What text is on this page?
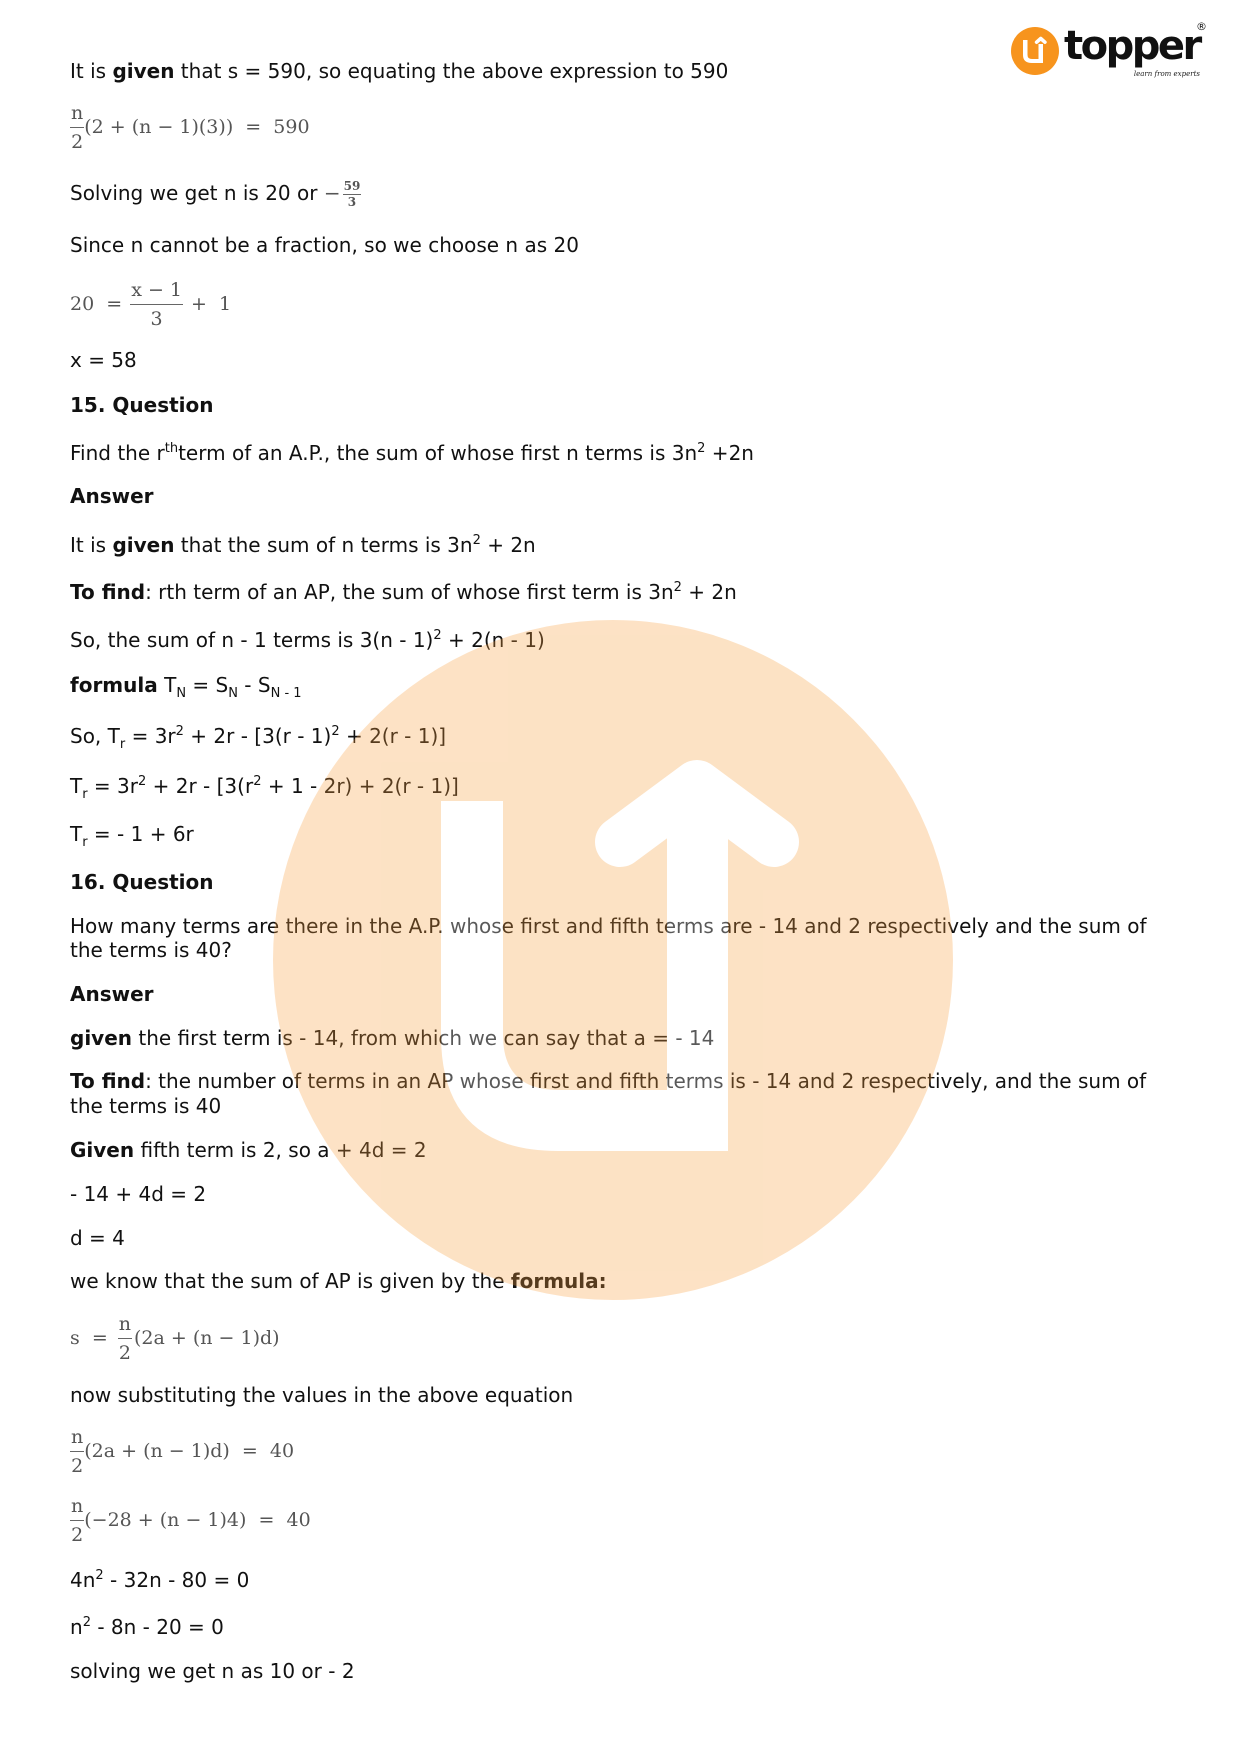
topper
®
learn from experts
It is given that s = 590, so equating the above expression to 590
$\frac{n}{2} (2 + (n - 1)(3)) = 590$
Solving we get n is 20 or − $\frac{59}{3}$
Since n cannot be a fraction, so we choose n as 20
$20 = \frac{x - 1}{3} + 1$
x = 58
15. Question
Find the $r^{th}term$ of an A.P., the sum of whose first n terms is $3n^2 +2n$
Answer
It is given that the sum of n terms is $3n^2 + 2n$
To find: rth term of an AP, the sum of whose first term is $3n^2 + 2n$
So, the sum of n - 1 terms is 3(n - 1)$^2$ + 2(n - 1)
formula $T_N = S_N - S_{N - 1}$
So, $T_r = 3r^2 + 2r - [3(r - 1)^2 + 2(r - 1)]$
$T_r = 3r^2 + 2r - [3(r^2 + 1 - 2r) + 2(r - 1)]$
$T_r$ = - 1 + 6r
16. Question
How many terms are there in the A.P. whose first and fifth terms are - 14 and 2 respectively and the sum of
the terms is 40?
Answer
given the first term is - 14, from which we can say that a = - 14
To find: the number of terms in an AP whose first and fifth terms is - 14 and 2 respectively, and the sum of
the terms is 40
Given fifth term is 2, so a + 4d = 2
- 14 + 4d = 2
d = 4
we know that the sum of AP is given by the formula:
$s = \frac{n}{2} (2a + (n - 1)d)$
now substituting the values in the above equation
$\frac{n}{2} (2a + (n - 1)d) = 40$
$\frac{n}{2} (-28 + (n - 1)4) = 40$
$4n^2 - 32n - 80 = 0$
$n^2 - 8n - 20 = 0$
solving we get n as 10 or - 2
